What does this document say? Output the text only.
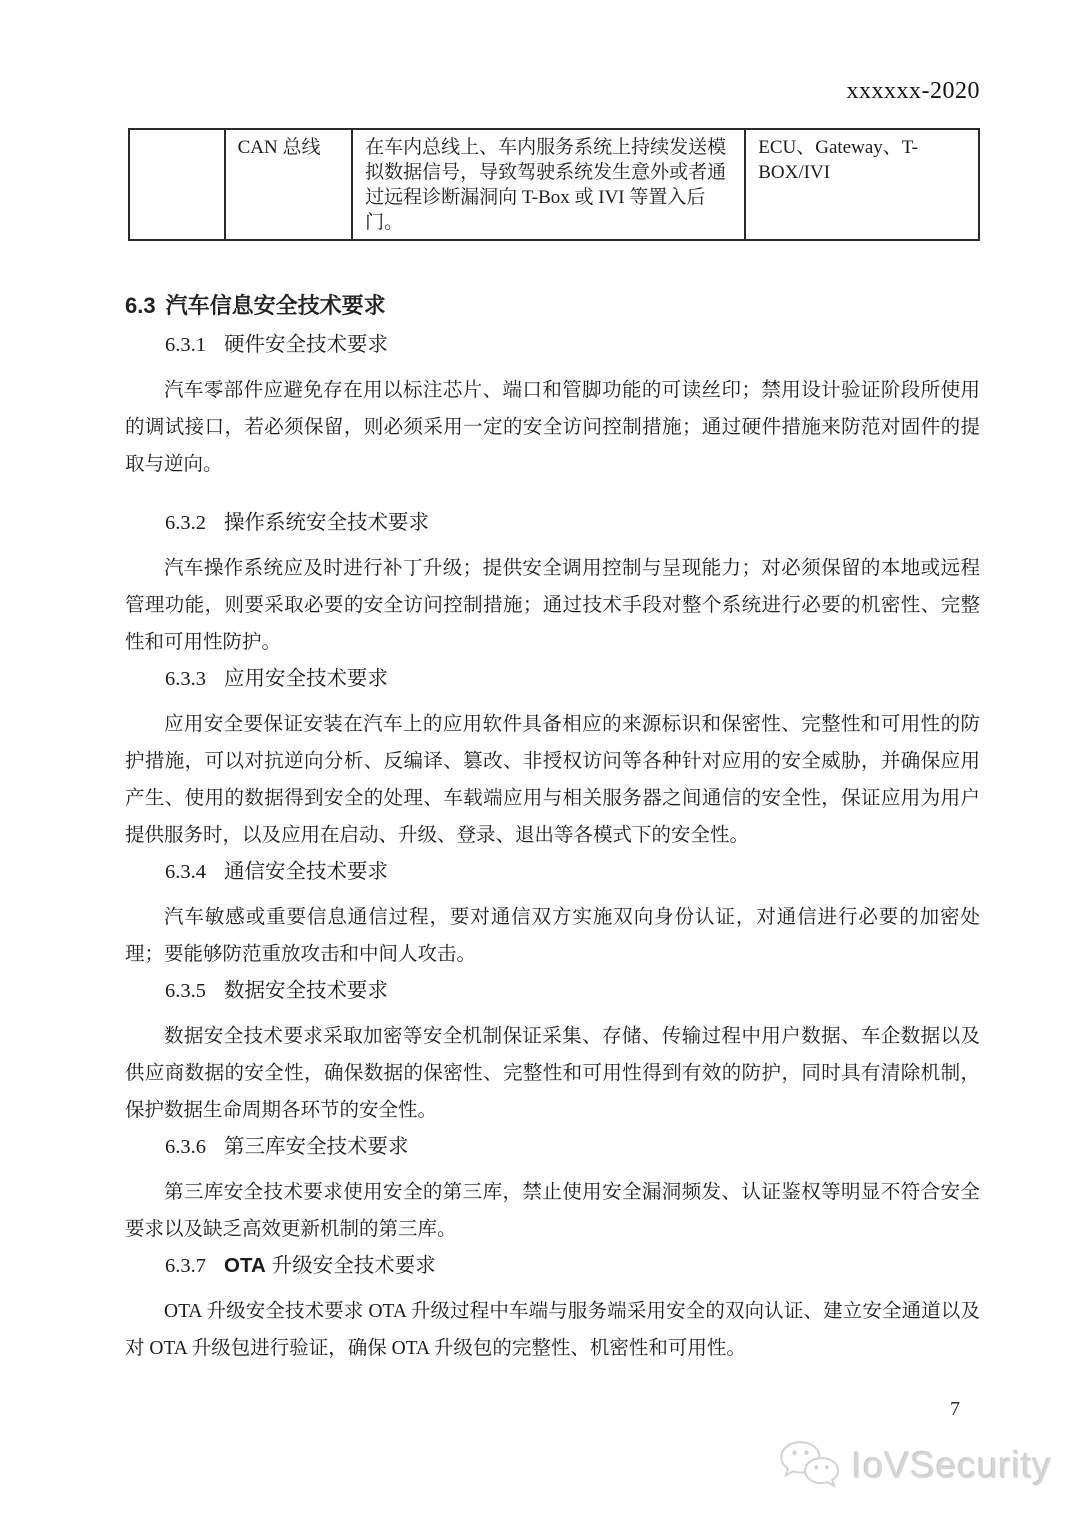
xxxxxx-2020
	CAN 总线	在车内总线上、车内服务系统上持续发送模拟数据信号，导致驾驶系统发生意外或者通过远程诊断漏洞向 T-Box 或 IVI 等置入后门。	ECU、Gateway、T-BOX/IVI
6.3 汽车信息安全技术要求
6.3.1 硬件安全技术要求
汽车零部件应避免存在用以标注芯片、端口和管脚功能的可读丝印；禁用设计验证阶段所使用的调试接口，若必须保留，则必须采用一定的安全访问控制措施；通过硬件措施来防范对固件的提取与逆向。
6.3.2 操作系统安全技术要求
汽车操作系统应及时进行补丁升级；提供安全调用控制与呈现能力；对必须保留的本地或远程管理功能，则要采取必要的安全访问控制措施；通过技术手段对整个系统进行必要的机密性、完整性和可用性防护。
6.3.3 应用安全技术要求
应用安全要保证安装在汽车上的应用软件具备相应的来源标识和保密性、完整性和可用性的防护措施，可以对抗逆向分析、反编译、篡改、非授权访问等各种针对应用的安全威胁，并确保应用产生、使用的数据得到安全的处理、车载端应用与相关服务器之间通信的安全性，保证应用为用户提供服务时，以及应用在启动、升级、登录、退出等各模式下的安全性。
6.3.4 通信安全技术要求
汽车敏感或重要信息通信过程，要对通信双方实施双向身份认证，对通信进行必要的加密处理；要能够防范重放攻击和中间人攻击。
6.3.5 数据安全技术要求
数据安全技术要求采取加密等安全机制保证采集、存储、传输过程中用户数据、车企数据以及供应商数据的安全性，确保数据的保密性、完整性和可用性得到有效的防护，同时具有清除机制，保护数据生命周期各环节的安全性。
6.3.6 第三库安全技术要求
第三库安全技术要求使用安全的第三库，禁止使用安全漏洞频发、认证鉴权等明显不符合安全要求以及缺乏高效更新机制的第三库。
6.3.7 OTA 升级安全技术要求
OTA 升级安全技术要求 OTA 升级过程中车端与服务端采用安全的双向认证、建立安全通道以及对 OTA 升级包进行验证，确保 OTA 升级包的完整性、机密性和可用性。
7
IoVSecurity
